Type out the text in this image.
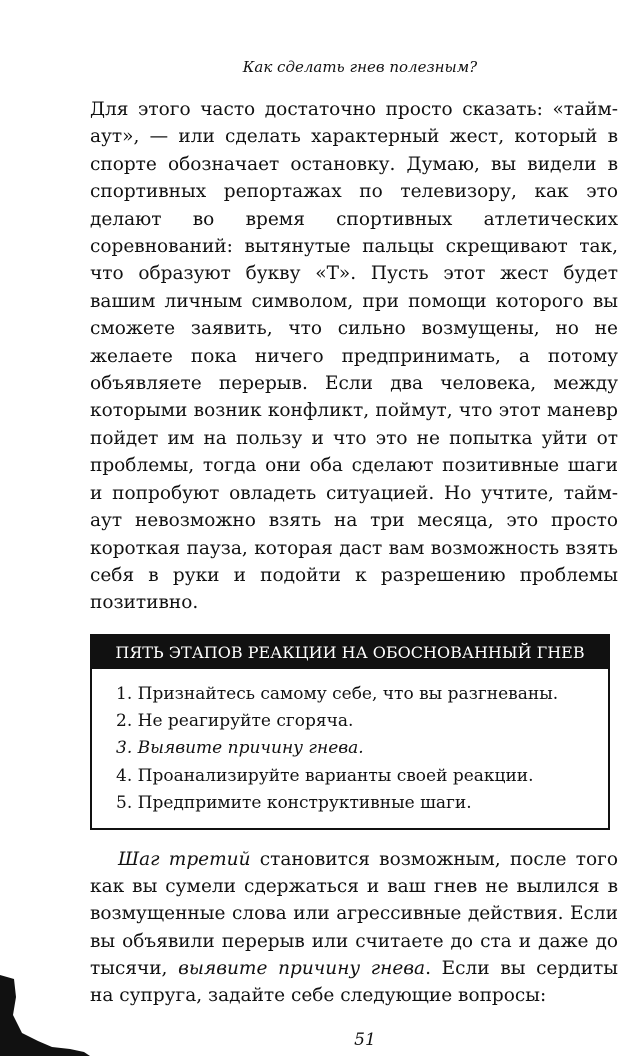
Как сделать гнев полезным?

Для этого часто достаточно просто сказать: «тайм-аут», — или сделать характерный жест, который в спорте обозначает остановку. Думаю, вы видели в спортивных репортажах по телевизору, как это делают во время спортивных атлетических соревнований: вытянутые пальцы скрещивают так, что образуют букву «Т». Пусть этот жест будет вашим личным символом, при помощи которого вы сможете заявить, что сильно возмущены, но не желаете пока ничего предпринимать, а потому объявляете перерыв. Если два человека, между которыми возник конфликт, поймут, что этот маневр пойдет им на пользу и что это не попытка уйти от проблемы, тогда они оба сделают позитивные шаги и попробуют овладеть ситуацией. Но учтите, тайм-аут невозможно взять на три месяца, это просто короткая пауза, которая даст вам возможность взять себя в руки и подойти к разрешению проблемы позитивно.

ПЯТЬ ЭТАПОВ РЕАКЦИИ НА ОБОСНОВАННЫЙ ГНЕВ
1. Признайтесь самому себе, что вы разгневаны.
2. Не реагируйте сгоряча.
3. Выявите причину гнева.
4. Проанализируйте варианты своей реакции.
5. Предпримите конструктивные шаги.

Шаг третий становится возможным, после того как вы сумели сдержаться и ваш гнев не вылился в возмущенные слова или агрессивные действия. Если вы объявили перерыв или считаете до ста и даже до тысячи, выявите причину гнева. Если вы сердиты на супруга, задайте себе следующие вопросы:

51
